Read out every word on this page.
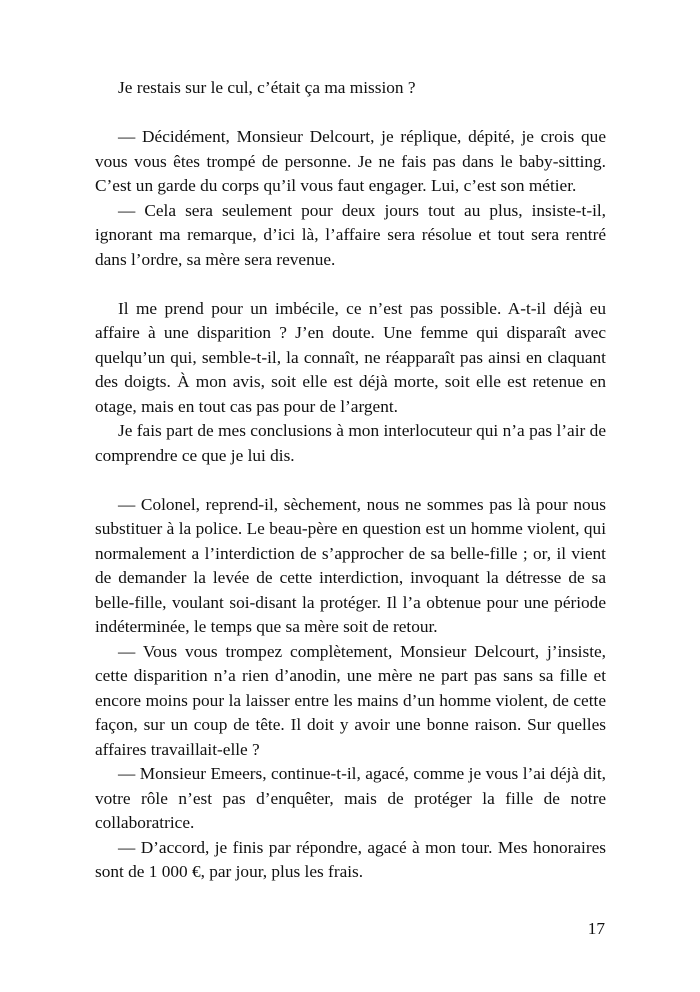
Je restais sur le cul, c’était ça ma mission ?

— Décidément, Monsieur Delcourt, je réplique, dépité, je crois que vous vous êtes trompé de personne. Je ne fais pas dans le baby-sitting. C’est un garde du corps qu’il vous faut engager. Lui, c’est son métier.

— Cela sera seulement pour deux jours tout au plus, insiste-t-il, ignorant ma remarque, d’ici là, l’affaire sera résolue et tout sera rentré dans l’ordre, sa mère sera revenue.

Il me prend pour un imbécile, ce n’est pas possible. A-t-il déjà eu affaire à une disparition ? J’en doute. Une femme qui disparaît avec quelqu’un qui, semble-t-il, la connaît, ne réapparaît pas ainsi en claquant des doigts. À mon avis, soit elle est déjà morte, soit elle est retenue en otage, mais en tout cas pas pour de l’argent.

Je fais part de mes conclusions à mon interlocuteur qui n’a pas l’air de comprendre ce que je lui dis.

— Colonel, reprend-il, sèchement, nous ne sommes pas là pour nous substituer à la police. Le beau-père en question est un homme violent, qui normalement a l’interdiction de s’approcher de sa belle-fille ; or, il vient de demander la levée de cette interdiction, invoquant la détresse de sa belle-fille, voulant soi-disant la protéger. Il l’a obtenue pour une période indéterminée, le temps que sa mère soit de retour.

— Vous vous trompez complètement, Monsieur Delcourt, j’insiste, cette disparition n’a rien d’anodin, une mère ne part pas sans sa fille et encore moins pour la laisser entre les mains d’un homme violent, de cette façon, sur un coup de tête. Il doit y avoir une bonne raison. Sur quelles affaires travaillait-elle ?

— Monsieur Emeers, continue-t-il, agacé, comme je vous l’ai déjà dit, votre rôle n’est pas d’enquêter, mais de protéger la fille de notre collaboratrice.

— D’accord, je finis par répondre, agacé à mon tour. Mes honoraires sont de 1 000 €, par jour, plus les frais.

17
